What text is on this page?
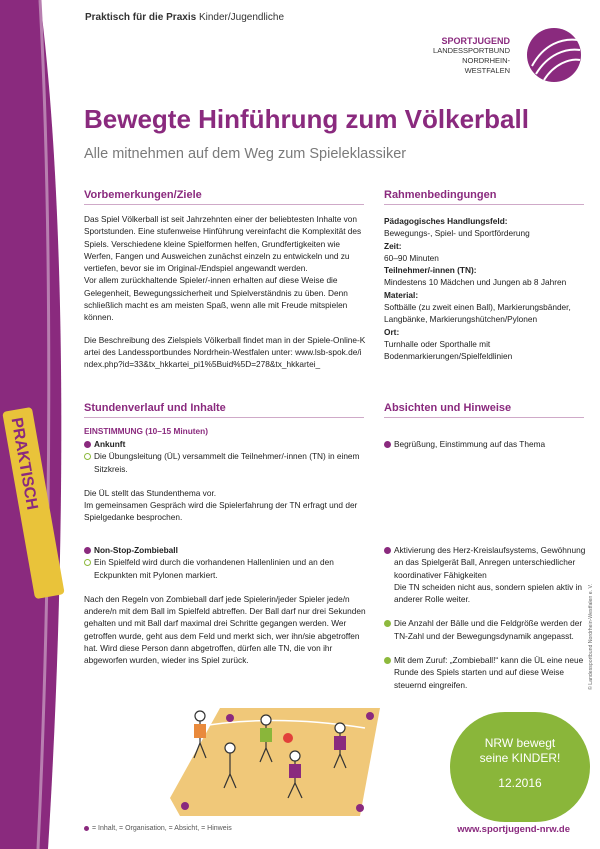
PRAKTISCH
Praktisch für die Praxis Kinder/Jugendliche
SPORTJUGEND
LANDESSPORTBUND
NORDRHEIN-WESTFALEN
Bewegte Hinführung zum Völkerball
Alle mitnehmen auf dem Weg zum Spieleklassiker
Vorbemerkungen/Ziele

Das Spiel Völkerball ist seit Jahrzehnten einer der beliebtesten Inhalte von Sportstunden. Eine stufenweise Hinführung vereinfacht die Komplexität des Spiels. Verschiedene kleine Spielformen helfen, Grundfertigkeiten wie Werfen, Fangen und Ausweichen zunächst einzeln zu entwickeln und zu vertiefen, bevor sie im Original-/Endspiel angewandt werden.

Vor allem zurückhaltende Spieler/-innen erhalten auf diese Weise die Gelegenheit, Bewegungssicherheit und Spielverständnis zu üben. Denn schließlich macht es am meisten Spaß, wenn alle mit Freude mitspielen können.

Die Beschreibung des Zielspiels Völkerball findet man in der Spiele-Online-Kartei des Landessportbundes Nordrhein-Westfalen unter: www.lsb-spok.de/index.php?id=33&tx_hkkartei_pi1%5Buid%5D=278&tx_hkkartei_

Rahmenbedingungen

Pädagogisches Handlungsfeld:

Bewegungs-, Spiel- und Sportförderung

Zeit:

60–90 Minuten

Teilnehmer/-innen (TN):

Mindestens 10 Mädchen und Jungen ab 8 Jahren

Material:

Softbälle (zu zweit einen Ball), Markierungsbänder, Langbänke, Markierungshütchen/Pylonen

Ort:

Turnhalle oder Sporthalle mit Bodenmarkierungen/Spielfeldlinien

Stundenverlauf und Inhalte	Absichten und Hinweise
EINSTIMMUNG (10–15 Minuten)
Ankunft
Die Übungsleitung (ÜL) versammelt die Teilnehmer/-innen (TN) in einem Sitzkreis.
Die ÜL stellt das Stundenthema vor.
Im gemeinsamen Gespräch wird die Spielerfahrung der TN erfragt und der Spielgedanke besprochen.
Begrüßung, Einstimmung auf das Thema
Non-Stop-Zombieball
Ein Spielfeld wird durch die vorhandenen Hallenlinien und an den Eckpunkten mit Pylonen markiert.
Nach den Regeln von Zombieball darf jede Spielerin/jeder Spieler jede/n andere/n mit dem Ball im Spielfeld abtreffen. Der Ball darf nur drei Sekunden gehalten und mit Ball darf maximal drei Schritte gegangen werden. Wer getroffen wurde, geht aus dem Feld und merkt sich, wer ihn/sie abgetroffen hat. Wird diese Person dann abgetroffen, dürfen alle TN, die von ihr abgeworfen wurden, wieder ins Spiel zurück.
Aktivierung des Herz-Kreislaufsystems, Gewöhnung an das Spielgerät Ball, Anregen unterschiedlicher koordinativer Fähigkeiten
Die TN scheiden nicht aus, sondern spielen aktiv in anderer Rolle weiter.
Die Anzahl der Bälle und die Feldgröße werden der TN-Zahl und der Bewegungsdynamik angepasst.
Mit dem Zuruf: „Zombieball!“ kann die ÜL eine neue Runde des Spiels starten und auf diese Weise steuernd eingreifen.
NRW bewegt
seine KINDER!
12.2016
= Inhalt, = Organisation, = Absicht, = Hinweis	www.sportjugend-nrw.de
© Landessportbund Nordrhein-Westfalen e. V.
